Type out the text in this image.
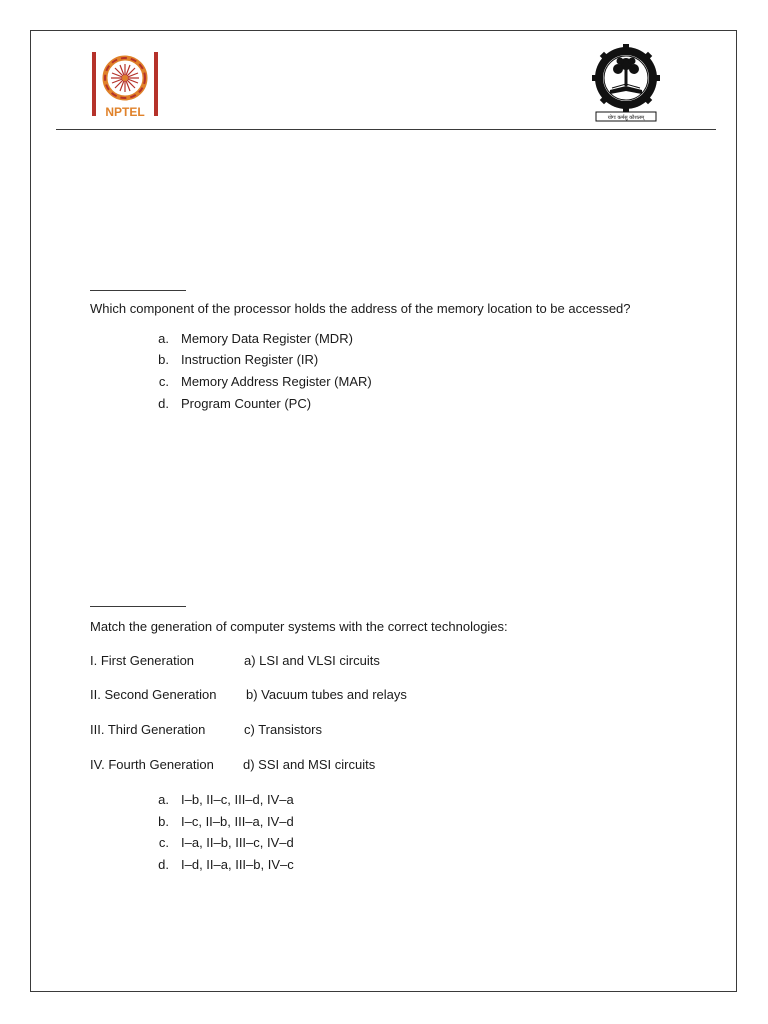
NPTEL	योगः कर्मसु कौशलम्
Which component of the processor holds the address of the memory location to be accessed?
a. Memory Data Register (MDR)
b. Instruction Register (IR)
c. Memory Address Register (MAR)
d. Program Counter (PC)
Match the generation of computer systems with the correct technologies:
I. First Generation	a) LSI and VLSI circuits
II. Second Generation b) Vacuum tubes and relays
III. Third Generation	c) Transistors
IV. Fourth Generation d) SSI and MSI circuits
a. I–b, II–c, III–d, IV–a
b. I–c, II–b, III–a, IV–d
c. I–a, II–b, III–c, IV–d
d. I–d, II–a, III–b, IV–c
